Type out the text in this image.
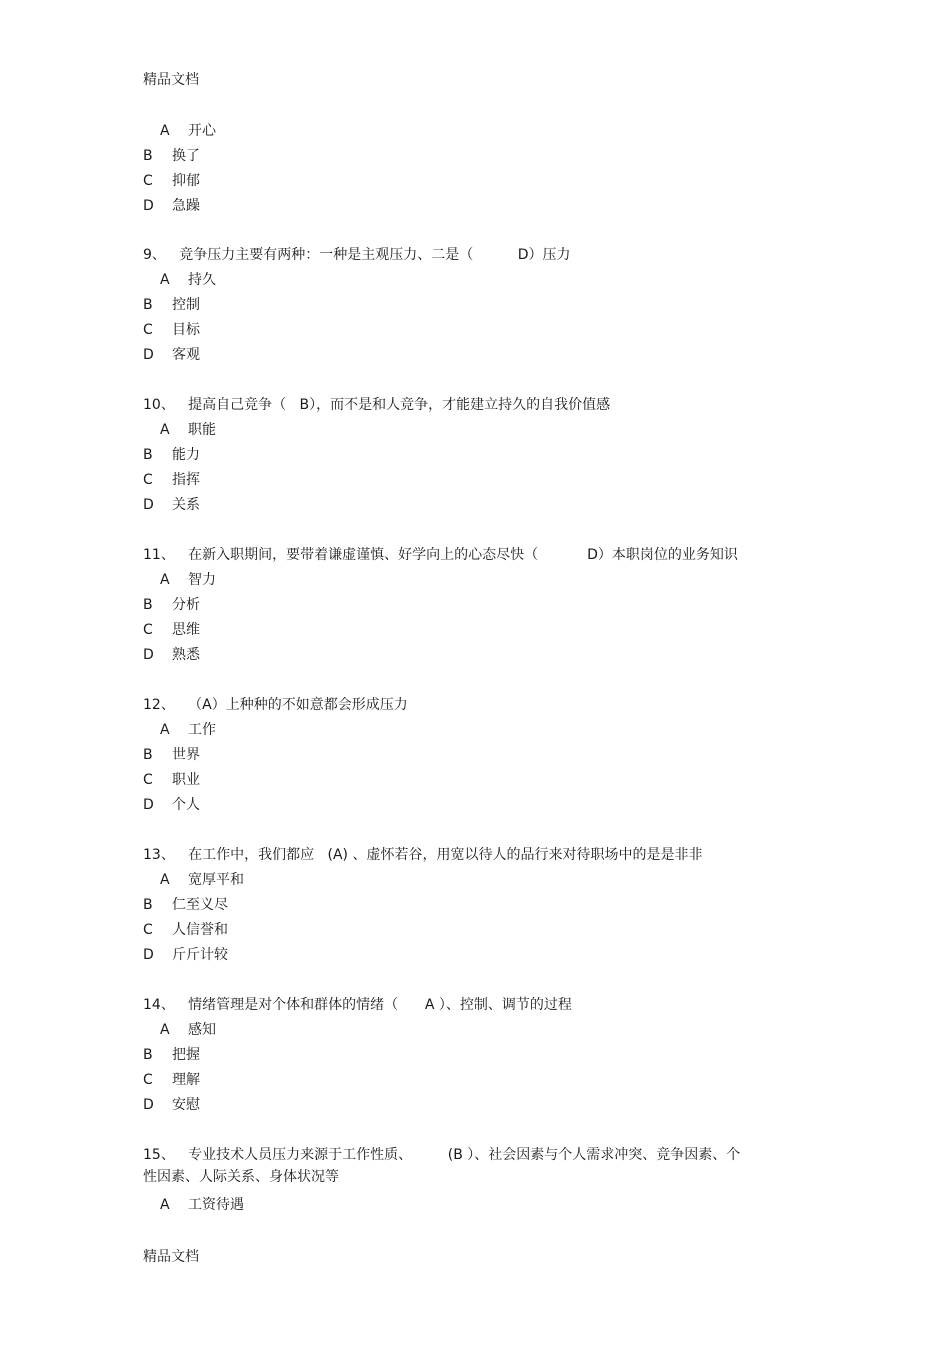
精品文档
A 开心
B 换了
C 抑郁
D 急躁
9、   竞争压力主要有两种：一种是主观压力、二是（          D）压力
A 持久
B 控制
C 目标
D 客观
10、   提高自己竞争（   B），而不是和人竞争，才能建立持久的自我价值感
A 职能
B 能力
C 指挥
D 关系
11、   在新入职期间，要带着谦虚谨慎、好学向上的心态尽快（           D）本职岗位的业务知识
A 智力
B 分析
C 思维
D 熟悉
12、   （A）上种种的不如意都会形成压力
A 工作
B 世界
C 职业
D 个人
13、   在工作中，我们都应   (A) 、虚怀若谷，用宽以待人的品行来对待职场中的是是非非
A 宽厚平和
B 仁至义尽
C 人信誉和
D 斤斤计较
14、   情绪管理是对个体和群体的情绪（      A ）、控制、调节的过程
A 感知
B 把握
C 理解
D 安慰
15、   专业技术人员压力来源于工作性质、        (B ）、社会因素与个人需求冲突、竞争因素、个
性因素、人际关系、身体状况等
A 工资待遇
精品文档
